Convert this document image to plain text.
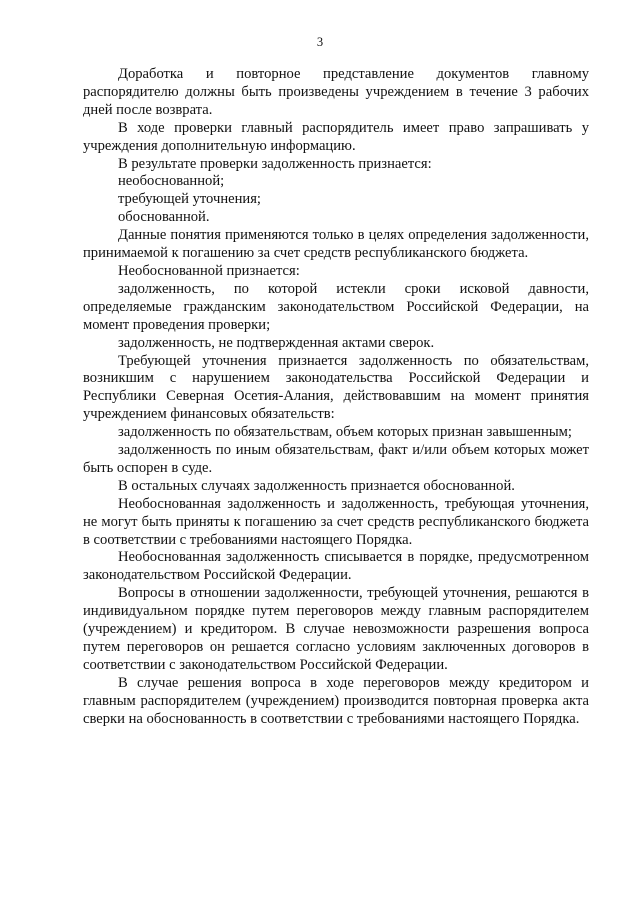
3

Доработка и повторное представление документов главному распорядителю должны быть произведены учреждением в течение 3 рабочих дней после возврата.

В ходе проверки главный распорядитель имеет право запрашивать у учреждения дополнительную информацию.

В результате проверки задолженность признается:

необоснованной;

требующей уточнения;

обоснованной.

Данные понятия применяются только в целях определения задолженности, принимаемой к погашению за счет средств республиканского бюджета.

Необоснованной признается:

задолженность, по которой истекли сроки исковой давности, определяемые гражданским законодательством Российской Федерации, на момент проведения проверки;

задолженность, не подтвержденная актами сверок.

Требующей уточнения признается задолженность по обязательствам, возникшим с нарушением законодательства Российской Федерации и Республики Северная Осетия-Алания, действовавшим на момент принятия учреждением финансовых обязательств:

задолженность по обязательствам, объем которых признан завышенным;

задолженность по иным обязательствам, факт и/или объем которых может быть оспорен в суде.

В остальных случаях задолженность признается обоснованной.

Необоснованная задолженность и задолженность, требующая уточнения, не могут быть приняты к погашению за счет средств республиканского бюджета в соответствии с требованиями настоящего Порядка.

Необоснованная задолженность списывается в порядке, предусмотренном законодательством Российской Федерации.

Вопросы в отношении задолженности, требующей уточнения, решаются в индивидуальном порядке путем переговоров между главным распорядителем (учреждением) и кредитором. В случае невозможности разрешения вопроса путем переговоров он решается согласно условиям заключенных договоров в соответствии с законодательством Российской Федерации.

В случае решения вопроса в ходе переговоров между кредитором и главным распорядителем (учреждением) производится повторная проверка акта сверки на обоснованность в соответствии с требованиями настоящего Порядка.
